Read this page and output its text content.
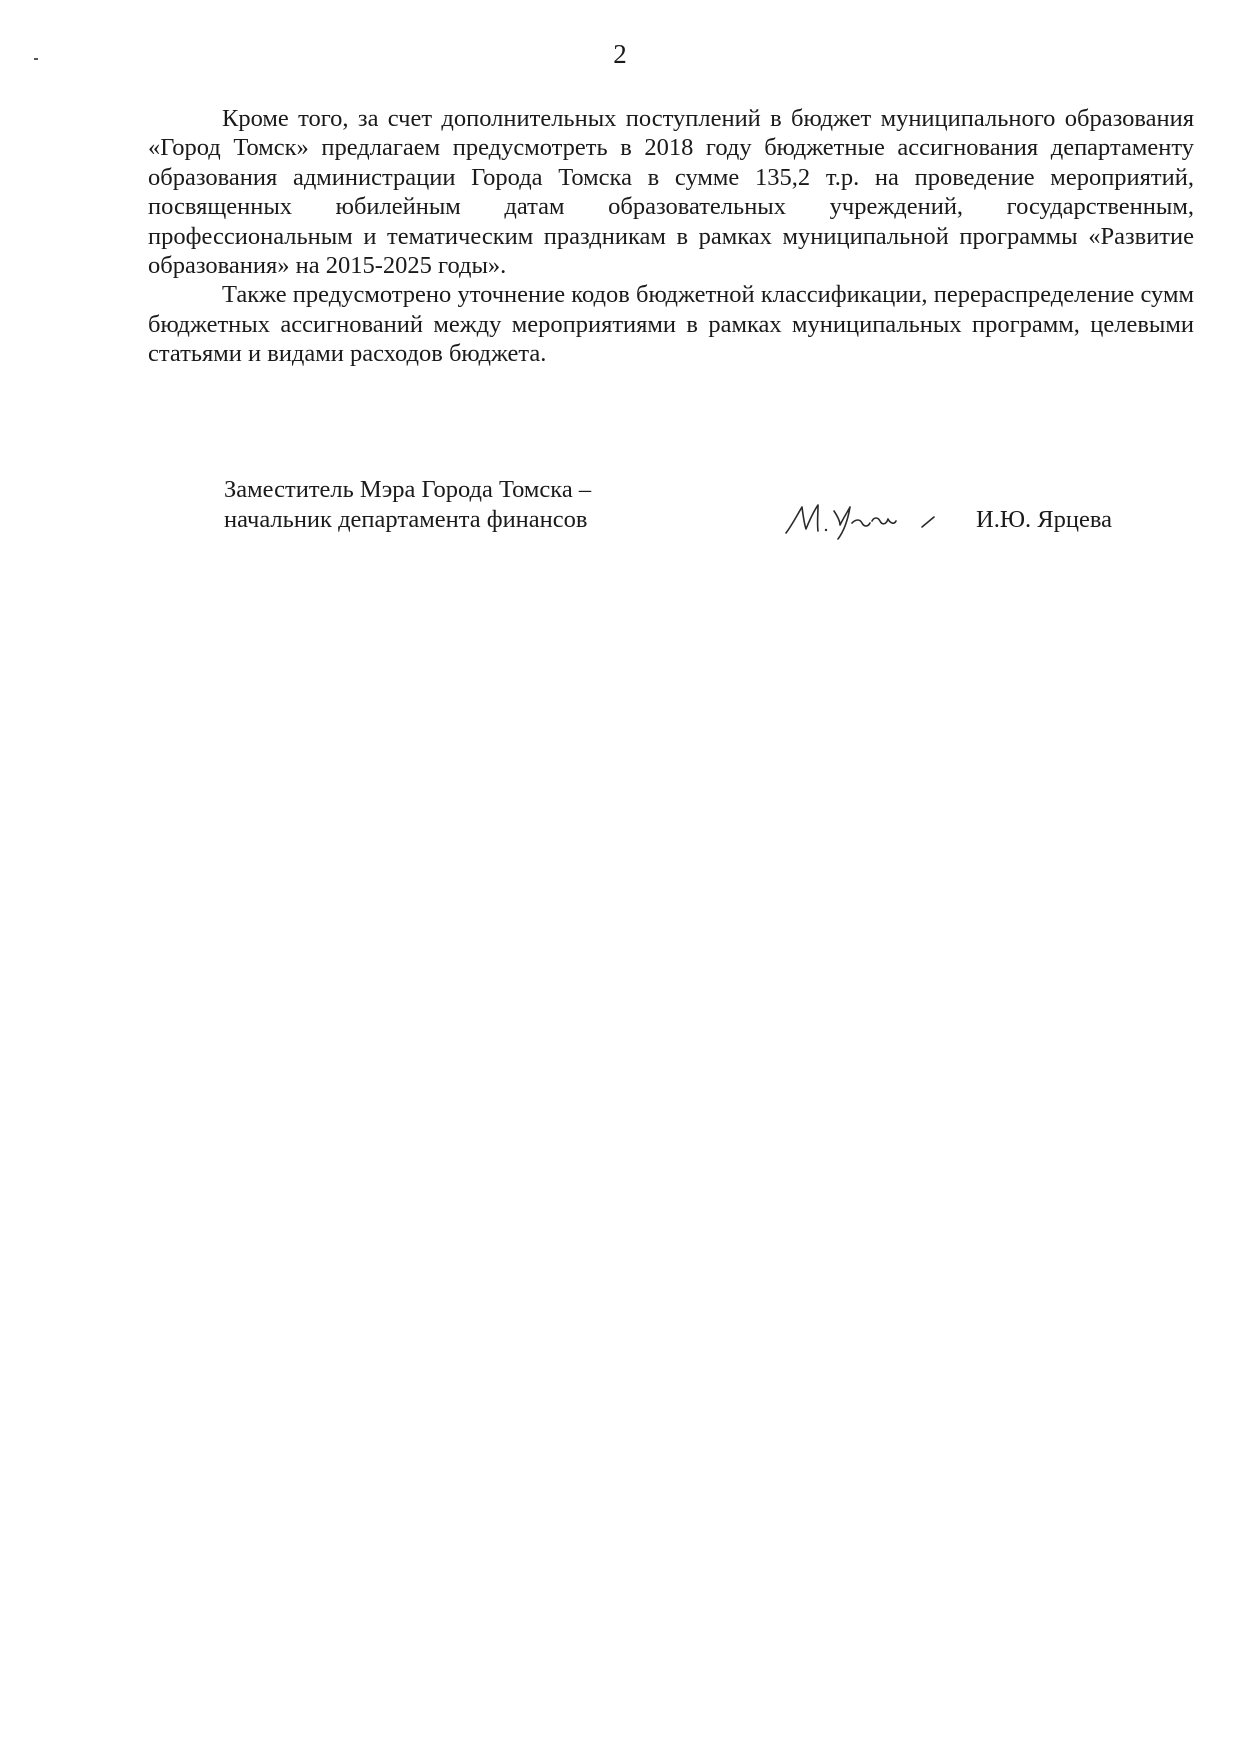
2

Кроме того, за счет дополнительных поступлений в бюджет муниципального образования «Город Томск» предлагаем предусмотреть в 2018 году бюджетные ассигнования департаменту образования администрации Города Томска в сумме 135,2 т.р. на проведение мероприятий, посвященных юбилейным датам образовательных учреждений, государственным, профессиональным и тематическим праздникам в рамках муниципальной программы «Развитие образования» на 2015-2025 годы».

Также предусмотрено уточнение кодов бюджетной классификации, перераспределение сумм бюджетных ассигнований между мероприятиями в рамках муниципальных программ, целевыми статьями и видами расходов бюджета.

Заместитель Мэра Города Томска –
начальник департамента финансов	И.Ю. Ярцева
